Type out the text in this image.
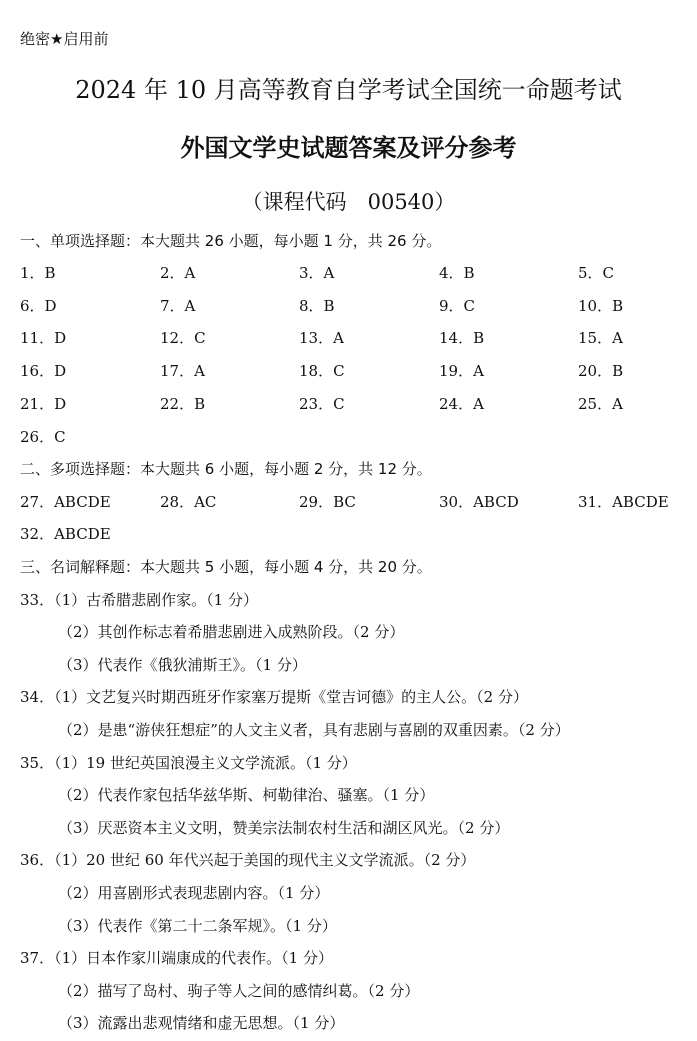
绝密★启用前
2024 年 10 月高等教育自学考试全国统一命题考试
外国文学史试题答案及评分参考
（课程代码　00540）
一、单项选择题：本大题共 26 小题，每小题 1 分，共 26 分。
1．B	2．A	3．A	4．B	5．C
6．D	7．A	8．B	9．C	10．B
11．D	12．C	13．A	14．B	15．A
16．D	17．A	18．C	19．A	20．B
21．D	22．B	23．C	24．A	25．A
26．C
二、多项选择题：本大题共 6 小题，每小题 2 分，共 12 分。
27．ABCDE	28．AC	29．BC	30．ABCD	31．ABCDE
32．ABCDE
三、名词解释题：本大题共 5 小题，每小题 4 分，共 20 分。
33．（1）古希腊悲剧作家。（1 分）
（2）其创作标志着希腊悲剧进入成熟阶段。（2 分）
（3）代表作《俄狄浦斯王》。（1 分）
34．（1）文艺复兴时期西班牙作家塞万提斯《堂吉诃德》的主人公。（2 分）
（2）是患“游侠狂想症”的人文主义者，具有悲剧与喜剧的双重因素。（2 分）
35．（1）19 世纪英国浪漫主义文学流派。（1 分）
（2）代表作家包括华兹华斯、柯勒律治、骚塞。（1 分）
（3）厌恶资本主义文明，赞美宗法制农村生活和湖区风光。（2 分）
36．（1）20 世纪 60 年代兴起于美国的现代主义文学流派。（2 分）
（2）用喜剧形式表现悲剧内容。（1 分）
（3）代表作《第二十二条军规》。（1 分）
37．（1）日本作家川端康成的代表作。（1 分）
（2）描写了岛村、驹子等人之间的感情纠葛。（2 分）
（3）流露出悲观情绪和虚无思想。（1 分）
